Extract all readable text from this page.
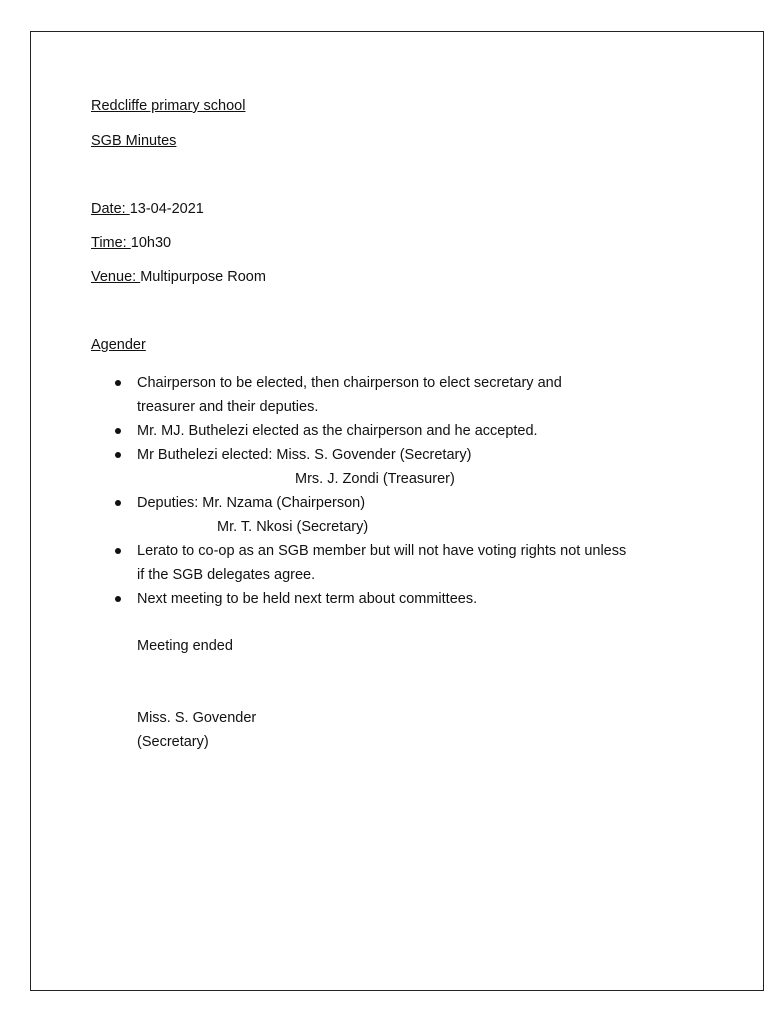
Redcliffe primary school
SGB Minutes
Date: 13-04-2021
Time: 10h30
Venue: Multipurpose Room
Agender
Chairperson to be elected, then chairperson to elect secretary and
treasurer and their deputies.
Mr. MJ. Buthelezi elected as the chairperson and he accepted.
Mr Buthelezi elected: Miss. S. Govender (Secretary)
Mrs. J. Zondi (Treasurer)
Deputies: Mr. Nzama (Chairperson)
Mr. T. Nkosi (Secretary)
Lerato to co-op as an SGB member but will not have voting rights not unless
if the SGB delegates agree.
Next meeting to be held next term about committees.
Meeting ended
Miss. S. Govender
(Secretary)
